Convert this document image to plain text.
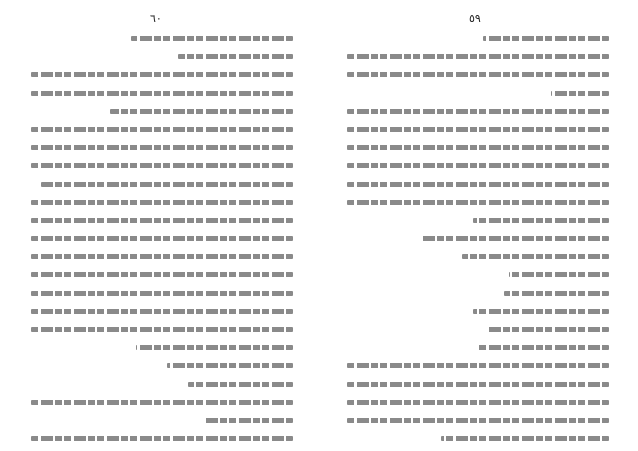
٦٠	٥٩
